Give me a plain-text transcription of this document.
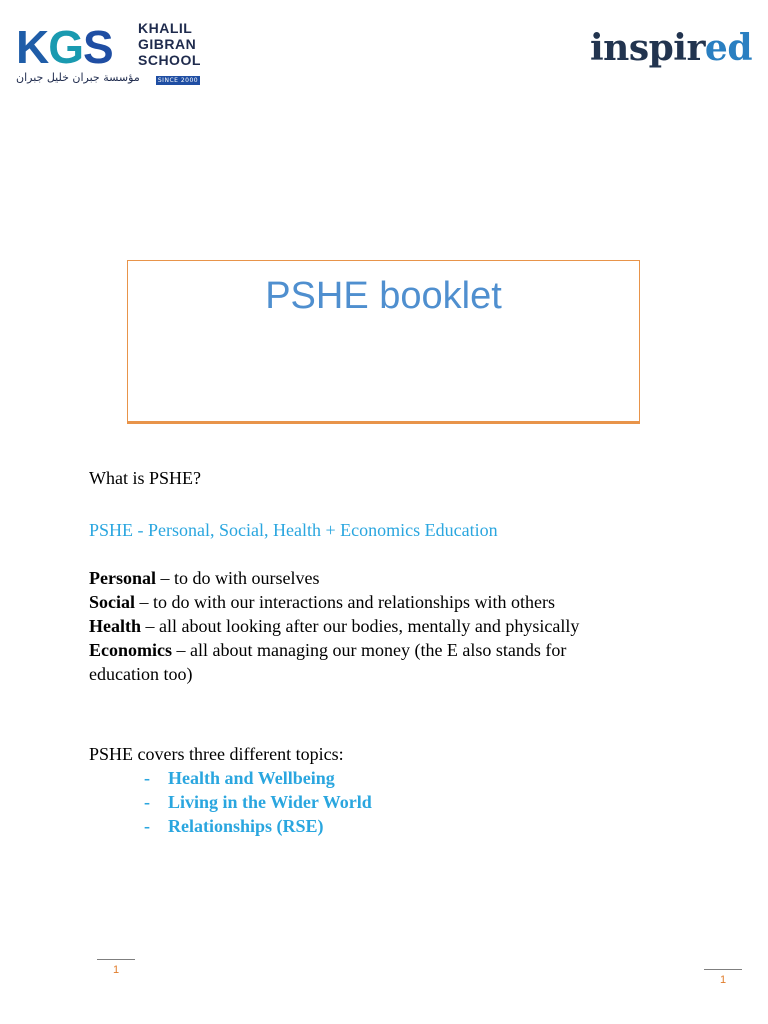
KGS KHALIL
GIBRAN
SCHOOL
مؤسسة جبران خليل جبران	SINCE 2000
inspired
PSHE booklet
What is PSHE?
PSHE - Personal, Social, Health + Economics Education
Personal – to do with ourselves
Social – to do with our interactions and relationships with others
Health – all about looking after our bodies, mentally and physically
Economics – all about managing our money (the E also stands for
education too)
PSHE covers three different topics:
- Health and Wellbeing
- Living in the Wider World
- Relationships (RSE)
1
1
